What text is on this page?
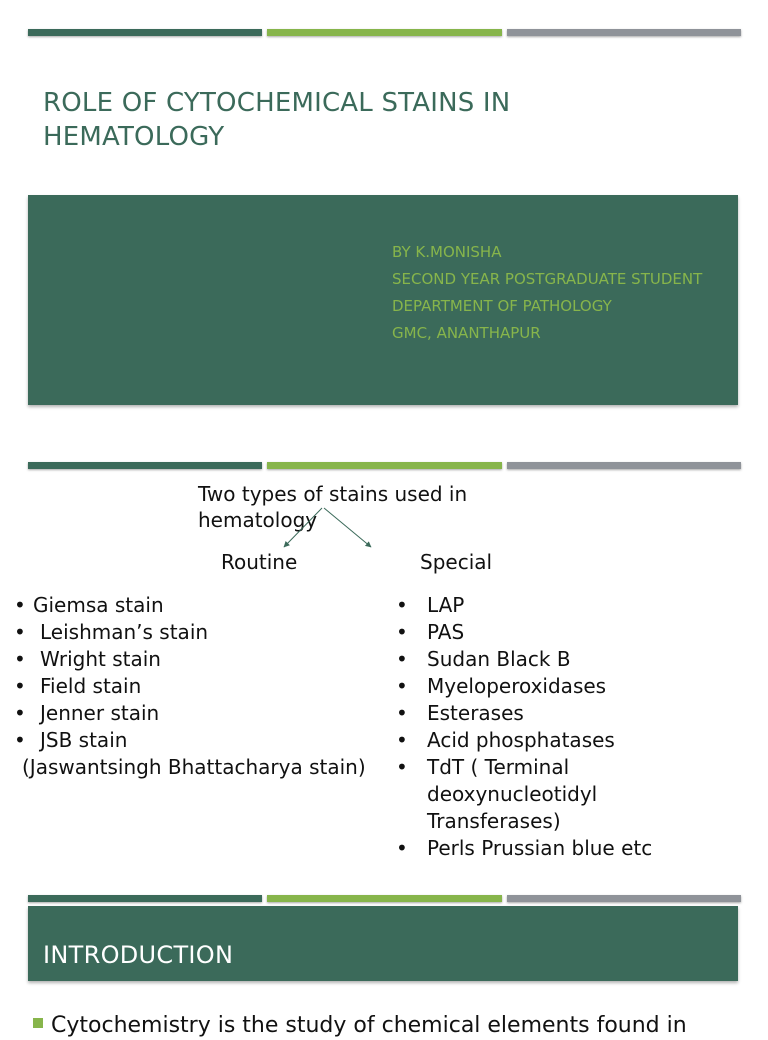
ROLE OF CYTOCHEMICAL STAINS IN HEMATOLOGY
BY K.MONISHA
SECOND YEAR POSTGRADUATE STUDENT
DEPARTMENT OF PATHOLOGY
GMC, ANANTHAPUR
Two types of stains used in hematology
Routine	Special
• Giemsa stain
• Leishman’s stain
• Wright stain
• Field stain
• Jenner stain
• JSB stain
(Jaswantsingh Bhattacharya stain)
• LAP
• PAS
• Sudan Black B
• Myeloperoxidases
• Esterases
• Acid phosphatases
• TdT ( Terminal deoxynucleotidyl Transferases)
• Perls Prussian blue etc
INTRODUCTION
Cytochemistry is the study of chemical elements found in
